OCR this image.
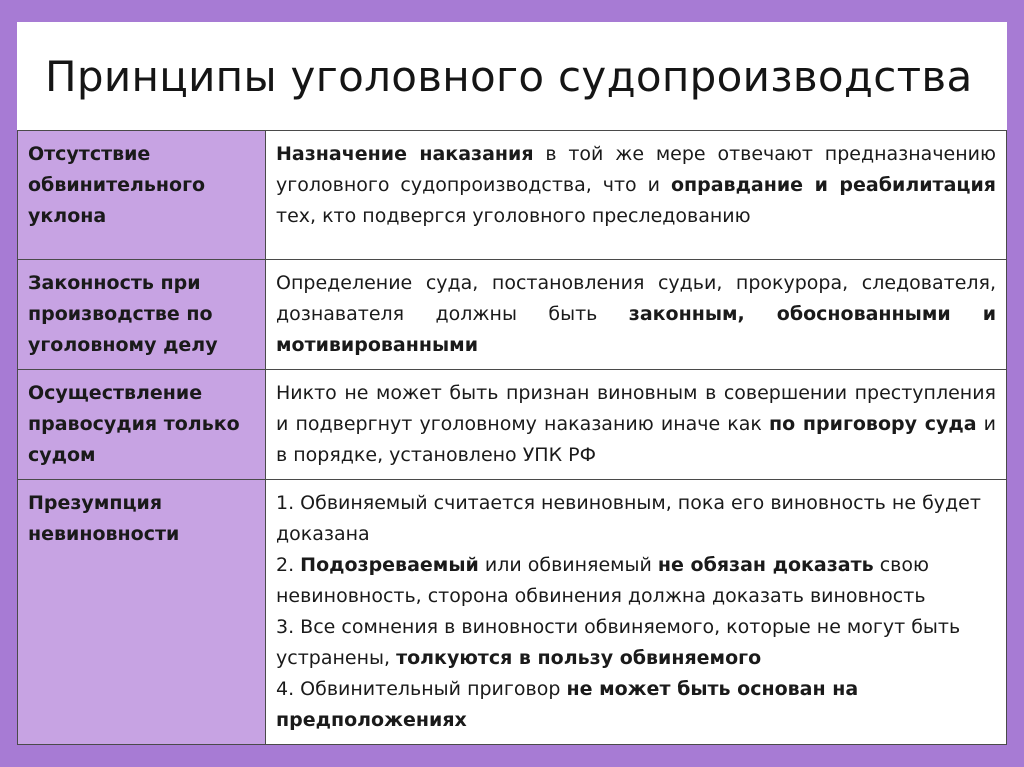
Принципы уголовного судопроизводства
Отсутствие обвинительного уклона	Назначение наказания в той же мере отвечают предназначению уголовного судопроизводства, что и оправдание и реабилитация тех, кто подвергся уголовного преследованию
Законность при производстве по уголовному делу	Определение суда, постановления судьи, прокурора, следователя, дознавателя должны быть законным, обоснованными и мотивированными
Осуществление правосудия только судом	Никто не может быть признан виновным в совершении преступления и подвергнут уголовному наказанию иначе как по приговору суда и в порядке, установлено УПК РФ
Презумпция невиновности	1. Обвиняемый считается невиновным, пока его виновность не будет доказана
2. Подозреваемый или обвиняемый не обязан доказать свою невиновность, сторона обвинения должна доказать виновность
3. Все сомнения в виновности обвиняемого, которые не могут быть устранены, толкуются в пользу обвиняемого
4. Обвинительный приговор не может быть основан на предположениях
